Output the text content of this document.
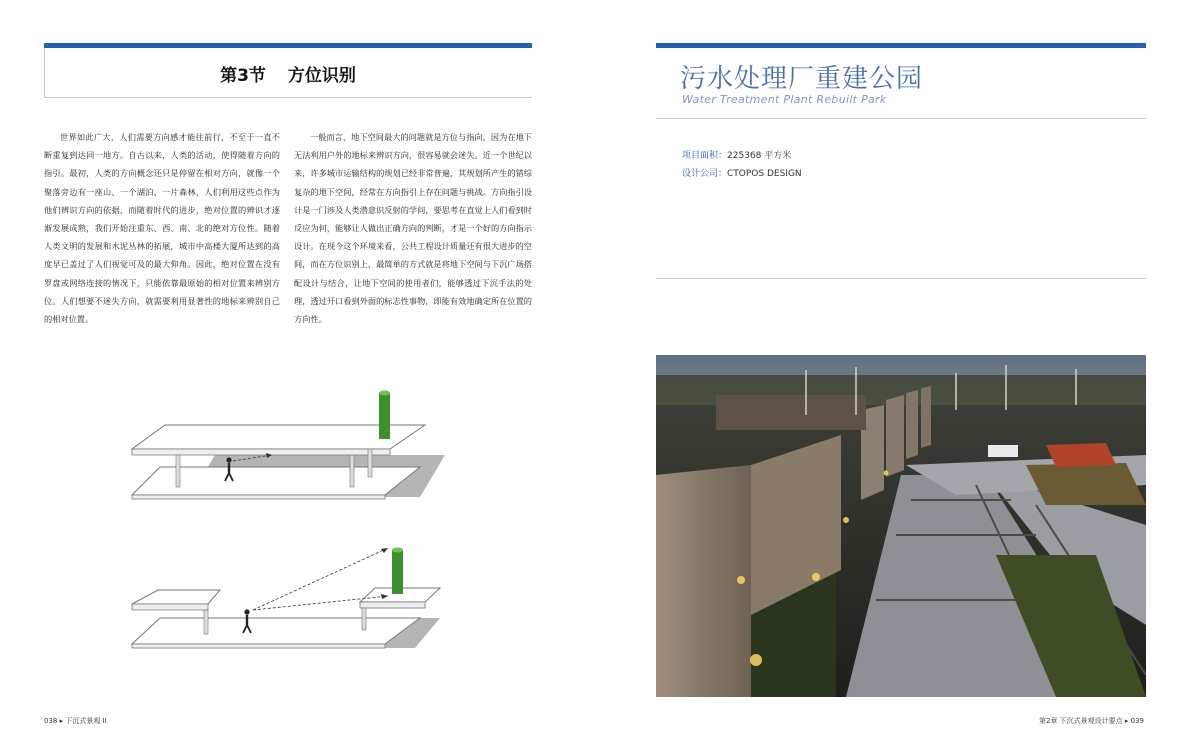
第3节 方位识别

世界如此广大，人们需要方向感才能往前行，不至于一直不断重复到达同一地方。自古以来，人类的活动，使得随着方向的指引。最初，人类的方向概念还只是停留在相对方向，就像一个聚落旁边有一座山、一个湖泊、一片森林，人们利用这些点作为他们辨识方向的依据，而随着时代的进步，绝对位置的辨识才逐渐发展成熟，我们开始注重东、西、南、北的绝对方位性。随着人类文明的发展和水泥丛林的拓展，城市中高楼大厦所达到的高度早已盖过了人们视觉可及的最大仰角。因此，绝对位置在没有罗盘或网络连接的情况下，只能依靠最原始的相对位置来辨别方位。人们想要不迷失方向，就需要利用显著性的地标来辨别自己的相对位置。

一般而言，地下空间最大的问题就是方位与指向，因为在地下无法利用户外的地标来辨识方向，很容易就会迷失。近一个世纪以来，许多城市运输结构的规划已经非常普遍，其规划所产生的错综复杂的地下空间，经常在方向指引上存在问题与挑战。方向指引设计是一门涉及人类潜意识反射的学问，要思考在直觉上人们看到时反应为何，能够让人做出正确方向的判断，才是一个好的方向指示设计。在现今这个环境来看，公共工程设计质量还有很大进步的空间，而在方位识别上，最简单的方式就是将地下空间与下沉广场搭配设计与结合，让地下空间的使用者们，能够透过下沉手法的处理，透过开口看到外面的标志性事物，即能有效地确定所在位置的方向性。

038 ▸ 下沉式景观 II
污水处理厂重建公园
Water Treatment Plant Rebuilt Park
项目面积：225368 平方米
设计公司：CTOPOS DESIGN
第2章 下沉式景观设计要点 ▸ 039
